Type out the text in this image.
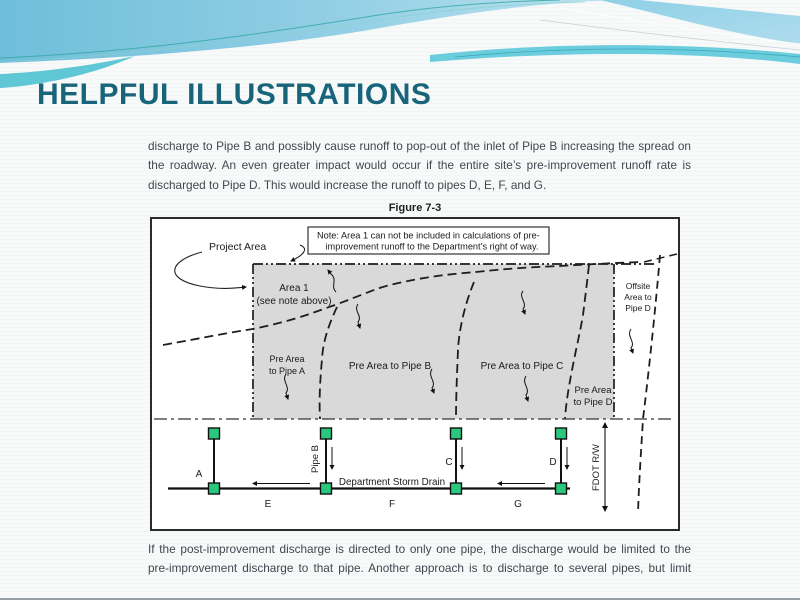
HELPFUL ILLUSTRATIONS
discharge to Pipe B and possibly cause runoff to pop-out of the inlet of Pipe B increasing the spread on
the roadway. An even greater impact would occur if the entire site’s pre-improvement runoff rate is
discharged to Pipe D. This would increase the runoff to pipes D, E, F, and G.
Figure 7-3
Note: Area 1 can not be included in calculations of pre-
improvement runoff to the Department’s right of way.
Project Area
Area 1
(see note above)
Pre Area
to Pipe A	Pre Area to Pipe B	Pre Area to Pipe C
Pre Area
to Pipe D
Offsite
Area to
Pipe D
A
Pipe B	C	D
Department Storm Drain
E	F	G
FDOT R/W
If the post-improvement discharge is directed to only one pipe, the discharge would be limited to the
pre-improvement discharge to that pipe. Another approach is to discharge to several pipes, but limit
